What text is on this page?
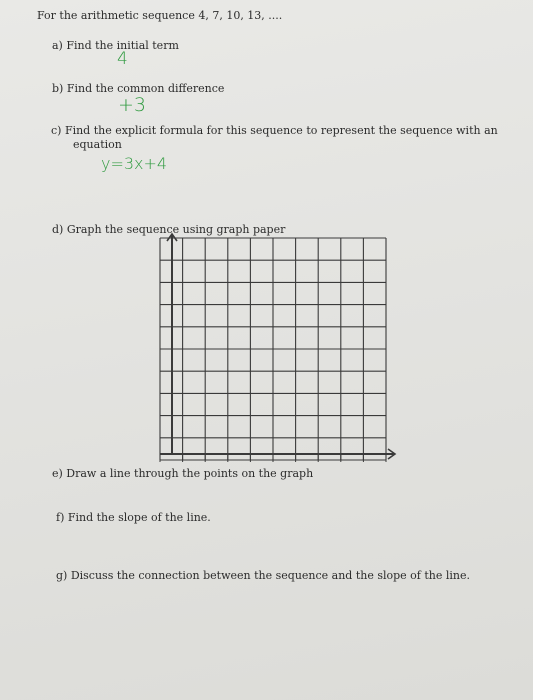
For the arithmetic sequence 4, 7, 10, 13, ....
a) Find the initial term
4
b) Find the common difference
+3
c) Find the explicit formula for this sequence to represent the sequence with an
equation
y=3x+4
d) Graph the sequence using graph paper
e) Draw a line through the points on the graph
f) Find the slope of the line.
g) Discuss the connection between the sequence and the slope of the line.
